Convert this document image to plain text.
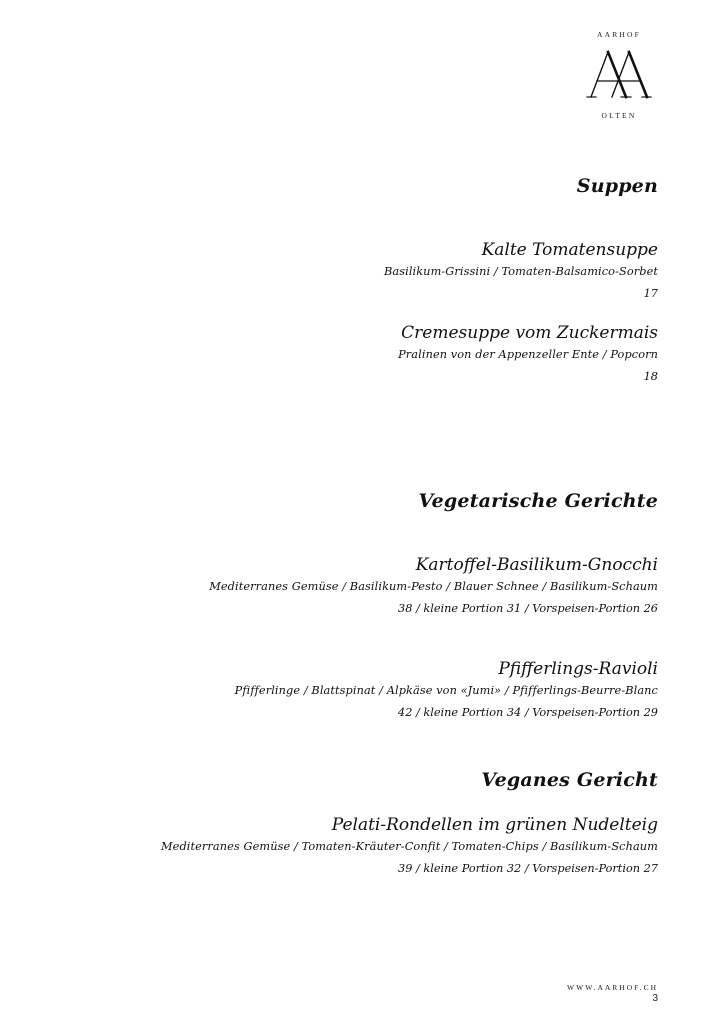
AARHOF
OLTEN
Suppen
Kalte Tomatensuppe
Basilikum-Grissini / Tomaten-Balsamico-Sorbet
17
Cremesuppe vom Zuckermais
Pralinen von der Appenzeller Ente / Popcorn
18
Vegetarische Gerichte
Kartoffel-Basilikum-Gnocchi
Mediterranes Gemüse / Basilikum-Pesto / Blauer Schnee / Basilikum-Schaum
38 / kleine Portion 31 / Vorspeisen-Portion 26
Pfifferlings-Ravioli
Pfifferlinge / Blattspinat / Alpkäse von «Jumi» / Pfifferlings-Beurre-Blanc
42 / kleine Portion 34 / Vorspeisen-Portion 29
Veganes Gericht
Pelati-Rondellen im grünen Nudelteig
Mediterranes Gemüse / Tomaten-Kräuter-Confit / Tomaten-Chips / Basilikum-Schaum
39 / kleine Portion 32 / Vorspeisen-Portion 27
WWW.AARHOF.CH
3
